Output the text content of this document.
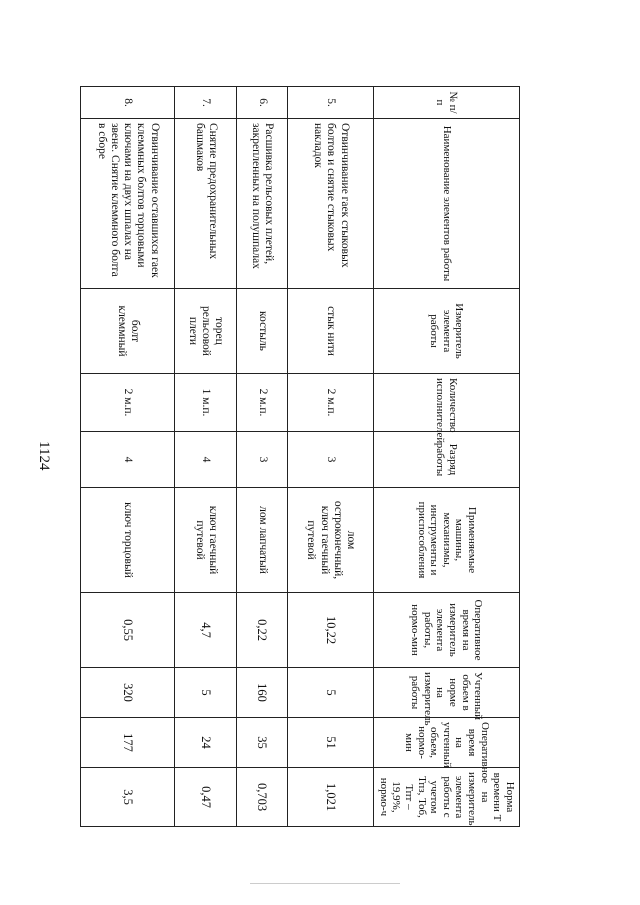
1124
№ п/п	Наименование элементов работы	Измеритель элемента работы	Количество исполнителей	Разряд работы	Применяемые машины, механизмы, инструменты и приспособления	Оперативное время на измеритель элемента работы, нормо-мин	Учтенный объем в норме на измеритель работы	Оперативное время на учтенный объем, нормо-мин	Норма времени Т на измеритель элемента работы с учетом Тпз, Тоб, Тпт – 19,9%, нормо-ч
5.	Отвинчивание гаек стыковых болтов и снятие стыковых накладок	стык нити	2 м.п.	3	лом остроконечный, ключ гаечный путевой	10,22	5	51	1,021
6.	Расшивка рельсовых плетей, закрепленных на полушпалах	костыль	2 м.п.	3	лом лапчатый	0,22	160	35	0,703
7.	Снятие предохранительных башмаков	торец рельсовой плети	1 м.п.	4	ключ гаечный путевой	4,7	5	24	0,47
8.	Отвинчивание оставшихся гаек клеммных болтов торцовыми ключами на двух шпалах на звене. Снятие клеммного болта в сборе	болт клеммный	2 м.п.	4	ключ торцовый	0,55	320	177	3,5
